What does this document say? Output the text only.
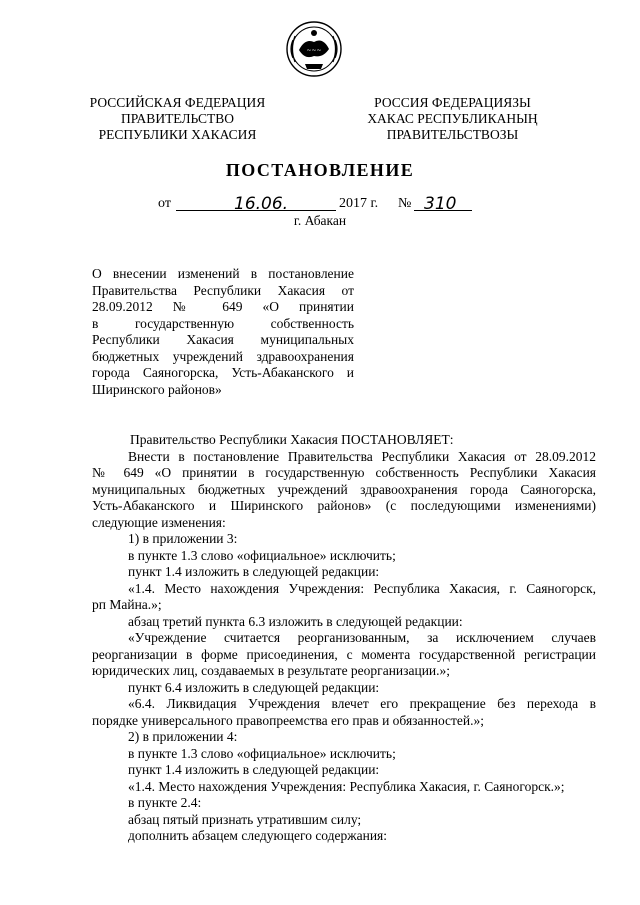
~~~
РОССИЙСКАЯ ФЕДЕРАЦИЯ
ПРАВИТЕЛЬСТВО
РЕСПУБЛИКИ ХАКАСИЯ
РОССИЯ ФЕДЕРАЦИЯЗЫ
ХАКАС РЕСПУБЛИКАНЫҢ
ПРАВИТЕЛЬСТВОЗЫ
ПОСТАНОВЛЕНИЕ
от	16.06.	2017 г. № 310
г. Абакан
О внесении изменений в постановление
Правительства Республики Хакасия от
28.09.2012 № 649 «О принятии
в государственную собственность
Республики Хакасия муниципальных
бюджетных учреждений здравоохранения
города Саяногорска, Усть-Абаканского и
Ширинского районов»

Правительство Республики Хакасия ПОСТАНОВЛЯЕТ:

Внести в постановление Правительства Республики Хакасия от 28.09.2012

№ 649 «О принятии в государственную собственность Республики Хакасия

муниципальных бюджетных учреждений здравоохранения города Саяногорска,

Усть-Абаканского и Ширинского районов» (с последующими изменениями)

следующие изменения:

1) в приложении 3:

в пункте 1.3 слово «официальное» исключить;

пункт 1.4 изложить в следующей редакции:

«1.4. Место нахождения Учреждения: Республика Хакасия, г. Саяногорск,

рп Майна.»;

абзац третий пункта 6.3 изложить в следующей редакции:

«Учреждение считается реорганизованным, за исключением случаев

реорганизации в форме присоединения, с момента государственной регистрации

юридических лиц, создаваемых в результате реорганизации.»;

пункт 6.4 изложить в следующей редакции:

«6.4. Ликвидация Учреждения влечет его прекращение без перехода в

порядке универсального правопреемства его прав и обязанностей.»;

2) в приложении 4:

в пункте 1.3 слово «официальное» исключить;

пункт 1.4 изложить в следующей редакции:

«1.4. Место нахождения Учреждения: Республика Хакасия, г. Саяногорск.»;

в пункте 2.4:

абзац пятый признать утратившим силу;

дополнить абзацем следующего содержания:
